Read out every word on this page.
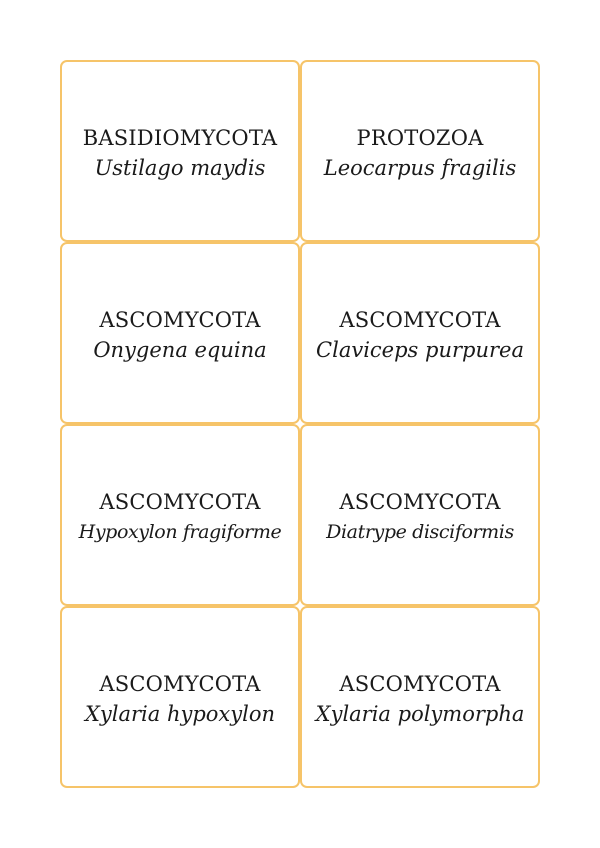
BASIDIOMYCOTA
Ustilago maydis
PROTOZOA
Leocarpus fragilis
ASCOMYCOTA
Onygena equina
ASCOMYCOTA
Claviceps purpurea
ASCOMYCOTA
Hypoxylon fragiforme
ASCOMYCOTA
Diatrype disciformis
ASCOMYCOTA
Xylaria hypoxylon
ASCOMYCOTA
Xylaria polymorpha
